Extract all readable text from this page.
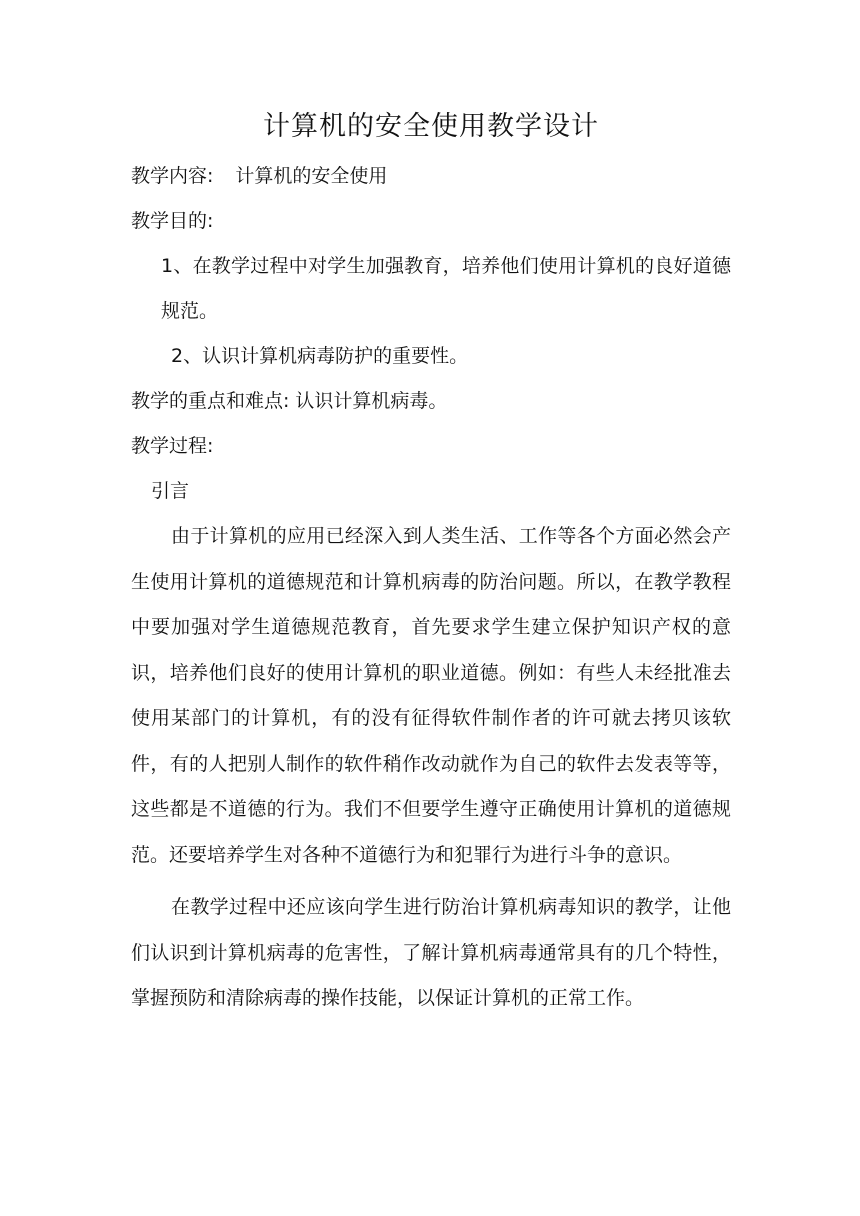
计算机的安全使用教学设计

教学内容: 计算机的安全使用

教学目的:

1、在教学过程中对学生加强教育，培养他们使用计算机的良好道德规范。

2、认识计算机病毒防护的重要性。

教学的重点和难点: 认识计算机病毒。

教学过程:

引言

由于计算机的应用已经深入到人类生活、工作等各个方面必然会产生使用计算机的道德规范和计算机病毒的防治问题。所以，在教学教程中要加强对学生道德规范教育，首先要求学生建立保护知识产权的意识，培养他们良好的使用计算机的职业道德。例如：有些人未经批准去使用某部门的计算机，有的没有征得软件制作者的许可就去拷贝该软件，有的人把别人制作的软件稍作改动就作为自己的软件去发表等等，这些都是不道德的行为。我们不但要学生遵守正确使用计算机的道德规范。还要培养学生对各种不道德行为和犯罪行为进行斗争的意识。

在教学过程中还应该向学生进行防治计算机病毒知识的教学，让他们认识到计算机病毒的危害性，了解计算机病毒通常具有的几个特性，掌握预防和清除病毒的操作技能，以保证计算机的正常工作。
